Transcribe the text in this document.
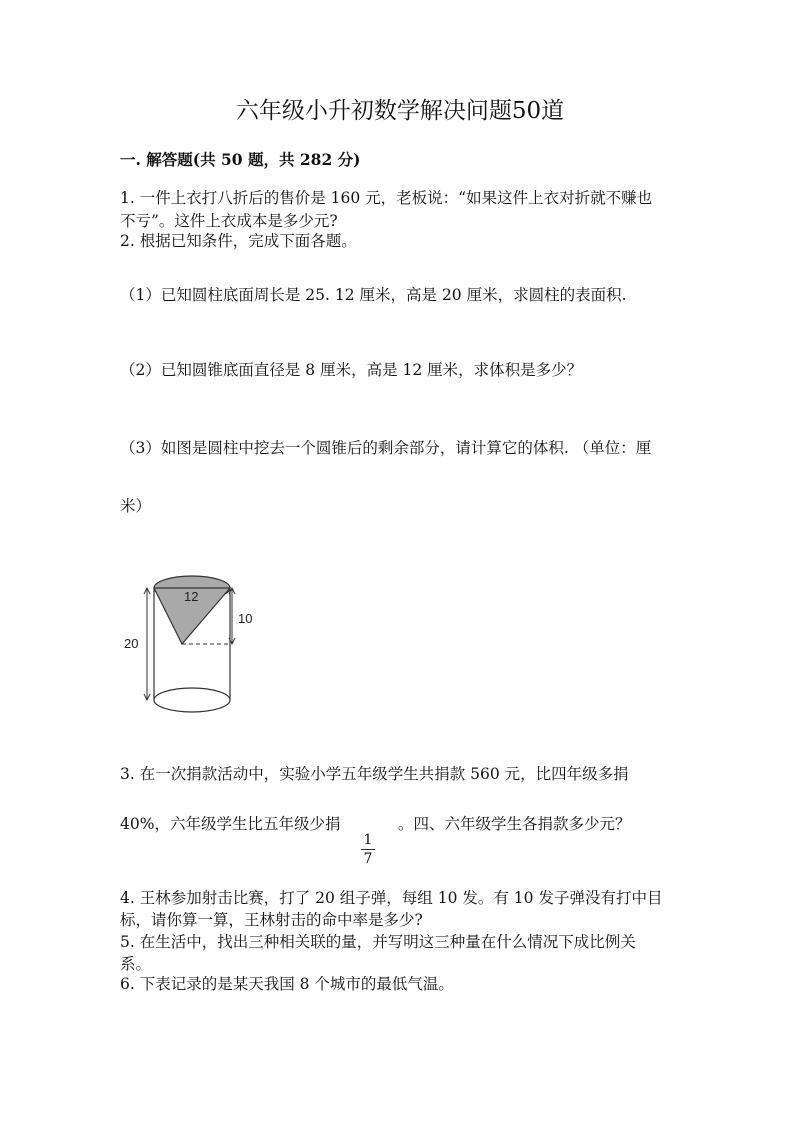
六年级小升初数学解决问题50道
一. 解答题(共 50 题，共 282 分)
1. 一件上衣打八折后的售价是 160 元，老板说：“如果这件上衣对折就不赚也
不亏”。这件上衣成本是多少元?
2. 根据已知条件，完成下面各题。
（1）已知圆柱底面周长是 25. 12 厘米，高是 20 厘米，求圆柱的表面积.
（2）已知圆锥底面直径是 8 厘米，高是 12 厘米，求体积是多少？
（3）如图是圆柱中挖去一个圆锥后的剩余部分，请计算它的体积. （单位：厘
米）
12
10
20
3. 在一次捐款活动中，实验小学五年级学生共捐款 560 元，比四年级多捐
40%，六年级学生比五年级少捐
1
7
。四、六年级学生各捐款多少元？
4. 王林参加射击比赛，打了 20 组子弹，每组 10 发。有 10 发子弹没有打中目
标，请你算一算，王林射击的命中率是多少?
5. 在生活中，找出三种相关联的量，并写明这三种量在什么情况下成比例关
系。
6. 下表记录的是某天我国 8 个城市的最低气温。
